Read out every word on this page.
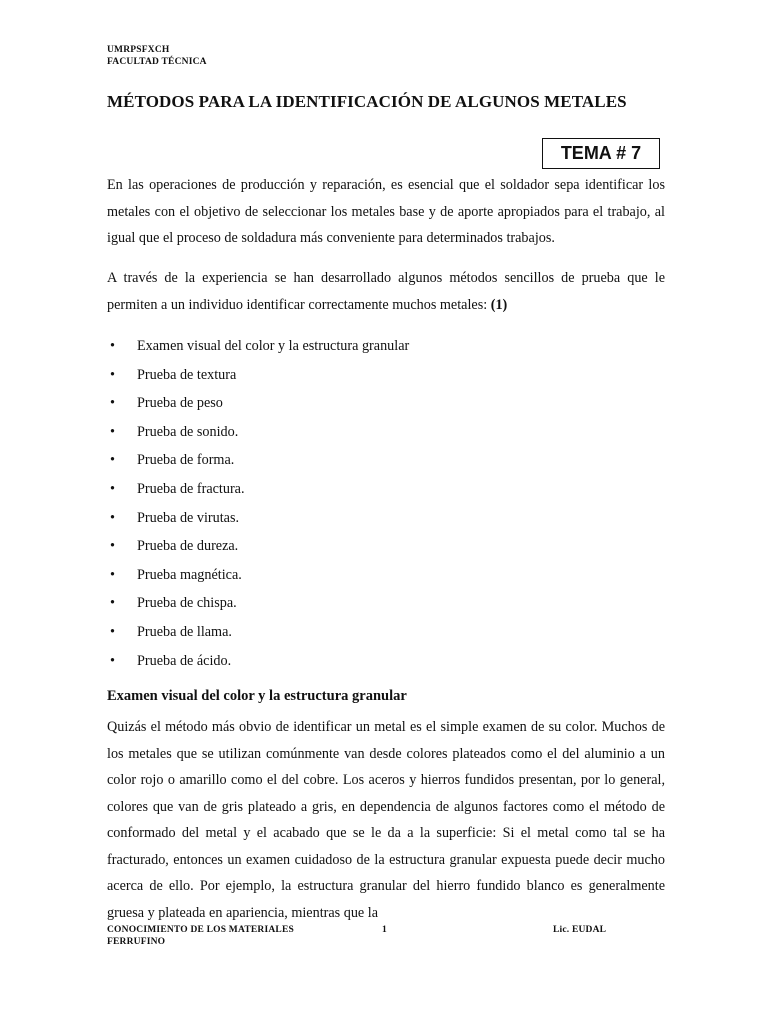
UMRPSFXCH
FACULTAD TÉCNICA
MÉTODOS PARA LA IDENTIFICACIÓN DE ALGUNOS METALES
TEMA # 7
En las operaciones de producción y reparación, es esencial que el soldador sepa identificar los metales con el objetivo de seleccionar los metales base y de aporte apropiados para el trabajo, al igual que el proceso de soldadura más conveniente para determinados trabajos.
A través de la experiencia se han desarrollado algunos métodos sencillos de prueba que le permiten a un individuo identificar correctamente muchos metales: (1)
•	Examen visual del color y la estructura granular
•	Prueba de textura
•	Prueba de peso
•	Prueba de sonido.
•	Prueba de forma.
•	Prueba de fractura.
•	Prueba de virutas.
•	Prueba de dureza.
•	Prueba magnética.
•	Prueba de chispa.
•	Prueba de llama.
•	Prueba de ácido.
Examen visual del color y la estructura granular
Quizás el método más obvio de identificar un metal es el simple examen de su color. Muchos de los metales que se utilizan comúnmente van desde colores plateados como el del aluminio a un color rojo o amarillo como el del cobre. Los aceros y hierros fundidos presentan, por lo general, colores que van de gris plateado a gris, en dependencia de algunos factores como el método de conformado del metal y el acabado que se le da a la superficie: Si el metal como tal se ha fracturado, entonces un examen cuidadoso de la estructura granular expuesta puede decir mucho acerca de ello. Por ejemplo, la estructura granular del hierro fundido blanco es generalmente gruesa y plateada en apariencia, mientras que la
CONOCIMIENTO DE LOS MATERIALES FERRUFINO
1	Lic. EUDAL
